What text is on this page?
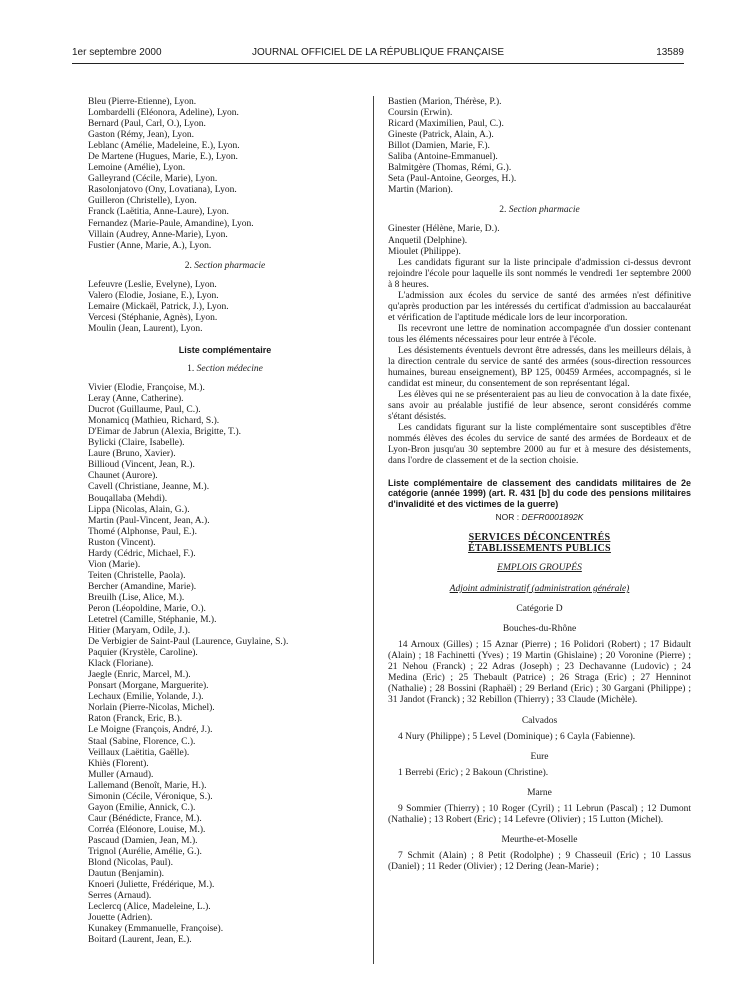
1er septembre 2000	JOURNAL OFFICIEL DE LA RÉPUBLIQUE FRANÇAISE	13589
Bleu (Pierre-Etienne), Lyon.
Lombardelli (Eléonora, Adeline), Lyon.
Bernard (Paul, Carl, O.), Lyon.
Gaston (Rémy, Jean), Lyon.
Leblanc (Amélie, Madeleine, E.), Lyon.
De Martene (Hugues, Marie, E.), Lyon.
Lemoine (Amélie), Lyon.
Galleyrand (Cécile, Marie), Lyon.
Rasolonjatovo (Ony, Lovatiana), Lyon.
Guilleron (Christelle), Lyon.
Franck (Laëtitia, Anne-Laure), Lyon.
Fernandez (Marie-Paule, Amandine), Lyon.
Villain (Audrey, Anne-Marie), Lyon.
Fustier (Anne, Marie, A.), Lyon.
2. Section pharmacie
Lefeuvre (Leslie, Evelyne), Lyon.
Valero (Elodie, Josiane, E.), Lyon.
Lemaire (Mickaël, Patrick, J.), Lyon.
Vercesi (Stéphanie, Agnès), Lyon.
Moulin (Jean, Laurent), Lyon.
Liste complémentaire
1. Section médecine
Vivier (Elodie, Françoise, M.).
Leray (Anne, Catherine).
Ducrot (Guillaume, Paul, C.).
Monamicq (Mathieu, Richard, S.).
D'Eimar de Jabrun (Alexia, Brigitte, T.).
Bylicki (Claire, Isabelle).
Laure (Bruno, Xavier).
Billioud (Vincent, Jean, R.).
Chaunet (Aurore).
Cavell (Christiane, Jeanne, M.).
Bouqallaba (Mehdi).
Lippa (Nicolas, Alain, G.).
Martin (Paul-Vincent, Jean, A.).
Thomé (Alphonse, Paul, E.).
Ruston (Vincent).
Hardy (Cédric, Michael, F.).
Vion (Marie).
Teiten (Christelle, Paola).
Bercher (Amandine, Marie).
Breuilh (Lise, Alice, M.).
Peron (Léopoldine, Marie, O.).
Letetrel (Camille, Stéphanie, M.).
Hitier (Maryam, Odile, J.).
De Verbigier de Saint-Paul (Laurence, Guylaine, S.).
Paquier (Krystèle, Caroline).
Klack (Floriane).
Jaegle (Enric, Marcel, M.).
Ponsart (Morgane, Marguerite).
Lechaux (Emilie, Yolande, J.).
Norlain (Pierre-Nicolas, Michel).
Raton (Franck, Eric, B.).
Le Moigne (François, André, J.).
Staal (Sabine, Florence, C.).
Veillaux (Laëtitia, Gaëlle).
Khiès (Florent).
Muller (Arnaud).
Lallemand (Benoît, Marie, H.).
Simonin (Cécile, Véronique, S.).
Gayon (Emilie, Annick, C.).
Caur (Bénédicte, France, M.).
Corréa (Eléonore, Louise, M.).
Pascaud (Damien, Jean, M.).
Trignol (Aurélie, Amélie, G.).
Blond (Nicolas, Paul).
Dautun (Benjamin).
Knoeri (Juliette, Frédérique, M.).
Serres (Arnaud).
Leclercq (Alice, Madeleine, L.).
Jouette (Adrien).
Kunakey (Emmanuelle, Françoise).
Boitard (Laurent, Jean, E.).
Bastien (Marion, Thérèse, P.).
Coursin (Erwin).
Ricard (Maximilien, Paul, C.).
Gineste (Patrick, Alain, A.).
Billot (Damien, Marie, F.).
Saliba (Antoine-Emmanuel).
Balmitgère (Thomas, Rémi, G.).
Seta (Paul-Antoine, Georges, H.).
Martin (Marion).
2. Section pharmacie
Ginester (Hélène, Marie, D.).
Anquetil (Delphine).
Mioulet (Philippe).

Les candidats figurant sur la liste principale d'admission ci-dessus devront rejoindre l'école pour laquelle ils sont nommés le vendredi 1er septembre 2000 à 8 heures.

L'admission aux écoles du service de santé des armées n'est définitive qu'après production par les intéressés du certificat d'admission au baccalauréat et vérification de l'aptitude médicale lors de leur incorporation.

Ils recevront une lettre de nomination accompagnée d'un dossier contenant tous les éléments nécessaires pour leur entrée à l'école.

Les désistements éventuels devront être adressés, dans les meilleurs délais, à la direction centrale du service de santé des armées (sous-direction ressources humaines, bureau enseignement), BP 125, 00459 Armées, accompagnés, si le candidat est mineur, du consentement de son représentant légal.

Les élèves qui ne se présenteraient pas au lieu de convocation à la date fixée, sans avoir au préalable justifié de leur absence, seront considérés comme s'étant désistés.

Les candidats figurant sur la liste complémentaire sont susceptibles d'être nommés élèves des écoles du service de santé des armées de Bordeaux et de Lyon-Bron jusqu'au 30 septembre 2000 au fur et à mesure des désistements, dans l'ordre de classement et de la section choisie.

Liste complémentaire de classement des candidats militaires de 2e catégorie (année 1999) (art. R. 431 [b] du code des pensions militaires d'invalidité et des victimes de la guerre)
NOR : DEFR0001892K
SERVICES DÉCONCENTRÉS
ÉTABLISSEMENTS PUBLICS
EMPLOIS GROUPÉS
Adjoint administratif (administration générale)
Catégorie D
Bouches-du-Rhône
14 Arnoux (Gilles) ; 15 Aznar (Pierre) ; 16 Polidori (Robert) ; 17 Bidault (Alain) ; 18 Fachinetti (Yves) ; 19 Martin (Ghislaine) ; 20 Voronine (Pierre) ; 21 Nehou (Franck) ; 22 Adras (Joseph) ; 23 Dechavanne (Ludovic) ; 24 Medina (Eric) ; 25 Thebault (Patrice) ; 26 Straga (Eric) ; 27 Henninot (Nathalie) ; 28 Bossini (Raphaël) ; 29 Berland (Eric) ; 30 Gargani (Philippe) ; 31 Jandot (Franck) ; 32 Rebillon (Thierry) ; 33 Claude (Michèle).
Calvados
4 Nury (Philippe) ; 5 Level (Dominique) ; 6 Cayla (Fabienne).
Eure
1 Berrebi (Eric) ; 2 Bakoun (Christine).
Marne
9 Sommier (Thierry) ; 10 Roger (Cyril) ; 11 Lebrun (Pascal) ; 12 Dumont (Nathalie) ; 13 Robert (Eric) ; 14 Lefevre (Olivier) ; 15 Lutton (Michel).
Meurthe-et-Moselle
7 Schmit (Alain) ; 8 Petit (Rodolphe) ; 9 Chasseuil (Eric) ; 10 Lassus (Daniel) ; 11 Reder (Olivier) ; 12 Dering (Jean-Marie) ;
